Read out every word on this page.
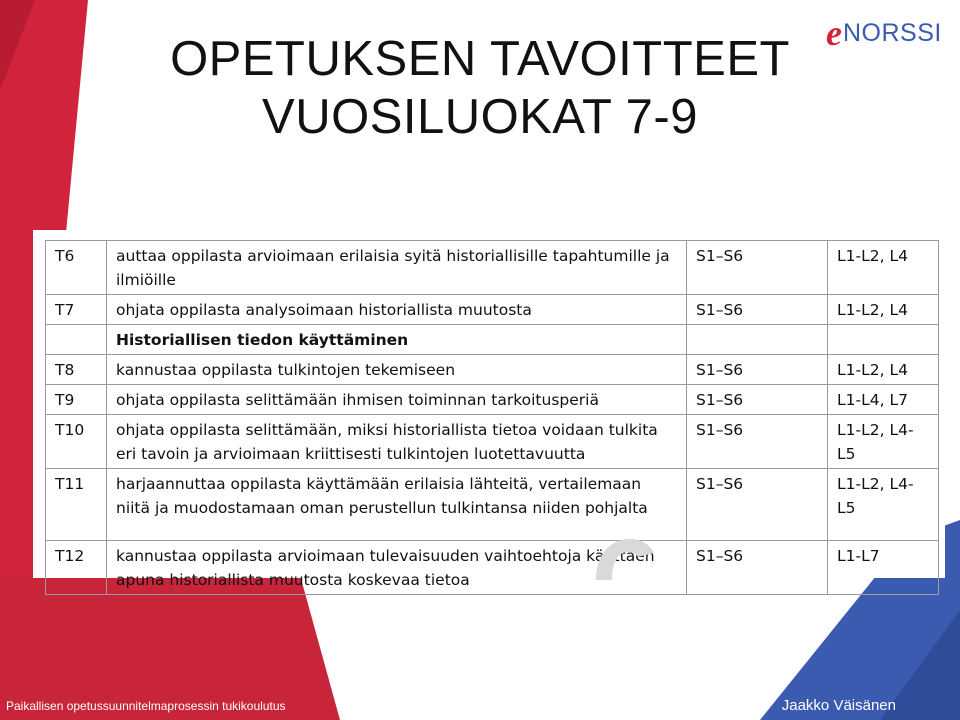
OPETUKSEN TAVOITTEET
VUOSILUOKAT 7-9
e NORSSI
T6	auttaa oppilasta arvioimaan erilaisia syitä historiallisille tapahtumille ja ilmiöille	S1–S6	L1-L2, L4
T7	ohjata oppilasta analysoimaan historiallista muutosta	S1–S6	L1-L2, L4
	Historiallisen tiedon käyttäminen		
T8	kannustaa oppilasta tulkintojen tekemiseen	S1–S6	L1-L2, L4
T9	ohjata oppilasta selittämään ihmisen toiminnan tarkoitusperiä	S1–S6	L1-L4, L7
T10	ohjata oppilasta selittämään, miksi historiallista tietoa voidaan tulkita eri tavoin ja arvioimaan kriittisesti tulkintojen luotettavuutta	S1–S6	L1-L2, L4-L5
T11	harjaannuttaa oppilasta käyttämään erilaisia lähteitä, vertailemaan niitä ja muodostamaan oman perustellun tulkintansa niiden pohjalta	S1–S6	L1-L2, L4-L5
T12	kannustaa oppilasta arvioimaan tulevaisuuden vaihtoehtoja käyttäen apuna historiallista muutosta koskevaa tietoa	S1–S6	L1-L7
Paikallisen opetussuunnitelmaprosessin tukikoulutus	Jaakko Väisänen
